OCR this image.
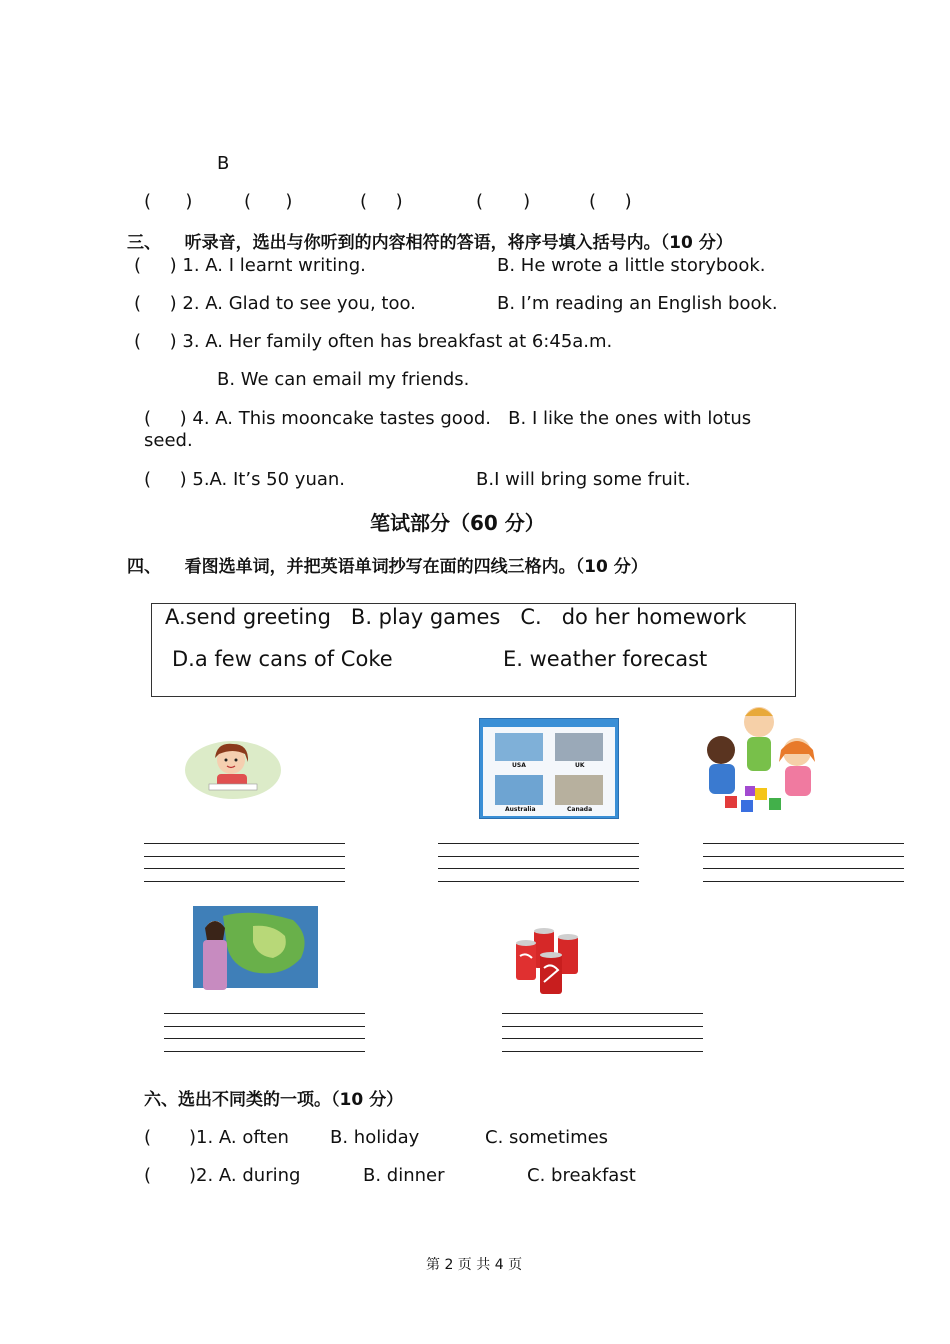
B
(      )	(      )	(     )	(       )	(     )
三、    听录音，选出与你听到的内容相符的答语，将序号填入括号内。（10 分）
(     ) 1. A. I learnt writing.	B. He wrote a little storybook.
(     ) 2. A. Glad to see you, too.	B. I’m reading an English book.
(     ) 3. A. Her family often has breakfast at 6:45a.m.
B. We can email my friends.
(     ) 4. A. This mooncake tastes good.   B. I like the ones with lotus
seed.
(     ) 5.A. It’s 50 yuan.	B.I will bring some fruit.
笔试部分（60 分）
四、    看图选单词，并把英语单词抄写在面的四线三格内。（10 分）
A.send greeting   B. play games   C.   do her homework
D.a few cans of Coke	E. weather forecast
USA	UK
Australia	Canada
六、选出不同类的一项。（10 分）
( )1. A. often B. holiday	C. sometimes
( )2. A. during	B. dinner	C. breakfast
第 2 页 共 4 页
